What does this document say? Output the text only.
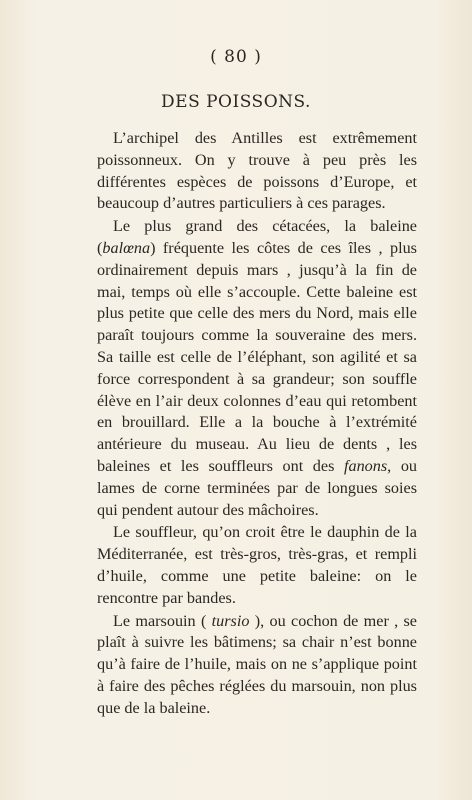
( 80 )
DES POISSONS.

L’archipel des Antilles est extrêmement poissonneux. On y trouve à peu près les différentes espèces de poissons d’Europe, et beaucoup d’autres particuliers à ces parages.

Le plus grand des cétacées, la baleine (balœna) fréquente les côtes de ces îles , plus ordinairement depuis mars , jusqu’à la fin de mai, temps où elle s’accouple. Cette baleine est plus petite que celle des mers du Nord, mais elle paraît toujours comme la souveraine des mers. Sa taille est celle de l’éléphant, son agilité et sa force correspondent à sa grandeur; son souffle élève en l’air deux colonnes d’eau qui retombent en brouillard. Elle a la bouche à l’extrémité antérieure du museau. Au lieu de dents , les baleines et les souffleurs ont des fanons, ou lames de corne terminées par de longues soies qui pendent autour des mâchoires.

Le souffleur, qu’on croit être le dauphin de la Méditerranée, est très-gros, très-gras, et rempli d’huile, comme une petite baleine: on le rencontre par bandes.

Le marsouin ( tursio ), ou cochon de mer , se plaît à suivre les bâtimens; sa chair n’est bonne qu’à faire de l’huile, mais on ne s’applique point à faire des pêches réglées du marsouin, non plus que de la baleine.
